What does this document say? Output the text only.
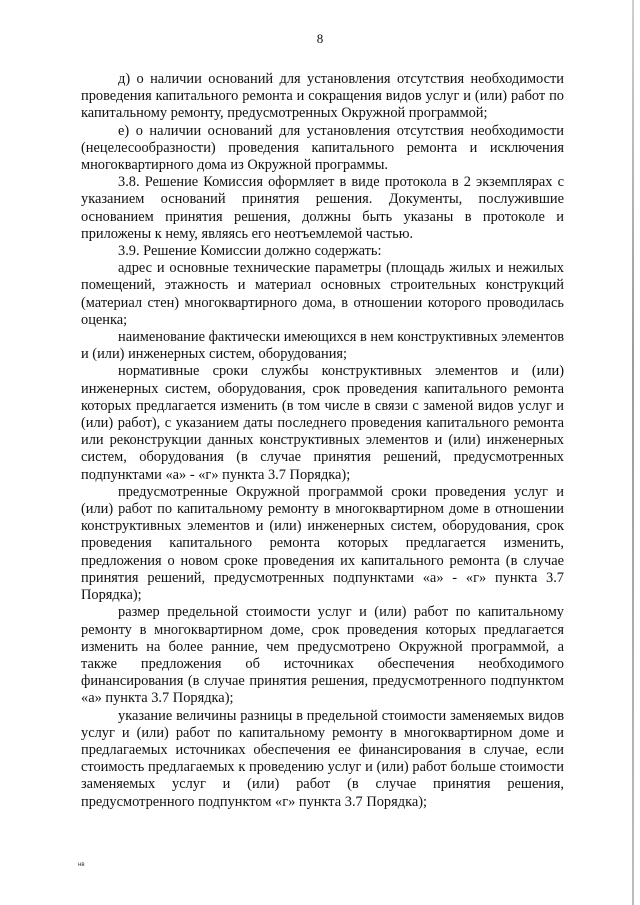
8

д) о наличии оснований для установления отсутствия необходимости проведения капитального ремонта и сокращения видов услуг и (или) работ по капитальному ремонту, предусмотренных Окружной программой;

е) о наличии оснований для установления отсутствия необходимости (нецелесообразности) проведения капитального ремонта и исключения многоквартирного дома из Окружной программы.

3.8. Решение Комиссия оформляет в виде протокола в 2 экземплярах с указанием оснований принятия решения. Документы, послужившие основанием принятия решения, должны быть указаны в протоколе и приложены к нему, являясь его неотъемлемой частью.

3.9. Решение Комиссии должно содержать:

адрес и основные технические параметры (площадь жилых и нежилых помещений, этажность и материал основных строительных конструкций (материал стен) многоквартирного дома, в отношении которого проводилась оценка;

наименование фактически имеющихся в нем конструктивных элементов и (или) инженерных систем, оборудования;

нормативные сроки службы конструктивных элементов и (или) инженерных систем, оборудования, срок проведения капитального ремонта которых предлагается изменить (в том числе в связи с заменой видов услуг и (или) работ), с указанием даты последнего проведения капитального ремонта или реконструкции данных конструктивных элементов и (или) инженерных систем, оборудования (в случае принятия решений, предусмотренных подпунктами «а» - «г» пункта 3.7 Порядка);

предусмотренные Окружной программой сроки проведения услуг и (или) работ по капитальному ремонту в многоквартирном доме в отношении конструктивных элементов и (или) инженерных систем, оборудования, срок проведения капитального ремонта которых предлагается изменить, предложения о новом сроке проведения их капитального ремонта (в случае принятия решений, предусмотренных подпунктами «а» - «г» пункта 3.7 Порядка);

размер предельной стоимости услуг и (или) работ по капитальному ремонту в многоквартирном доме, срок проведения которых предлагается изменить на более ранние, чем предусмотрено Окружной программой, а также предложения об источниках обеспечения необходимого финансирования (в случае принятия решения, предусмотренного подпунктом «а» пункта 3.7 Порядка);

указание величины разницы в предельной стоимости заменяемых видов услуг и (или) работ по капитальному ремонту в многоквартирном доме и предлагаемых источниках обеспечения ее финансирования в случае, если стоимость предлагаемых к проведению услуг и (или) работ больше стоимости заменяемых услуг и (или) работ (в случае принятия решения, предусмотренного подпунктом «г» пункта 3.7 Порядка);

нв
